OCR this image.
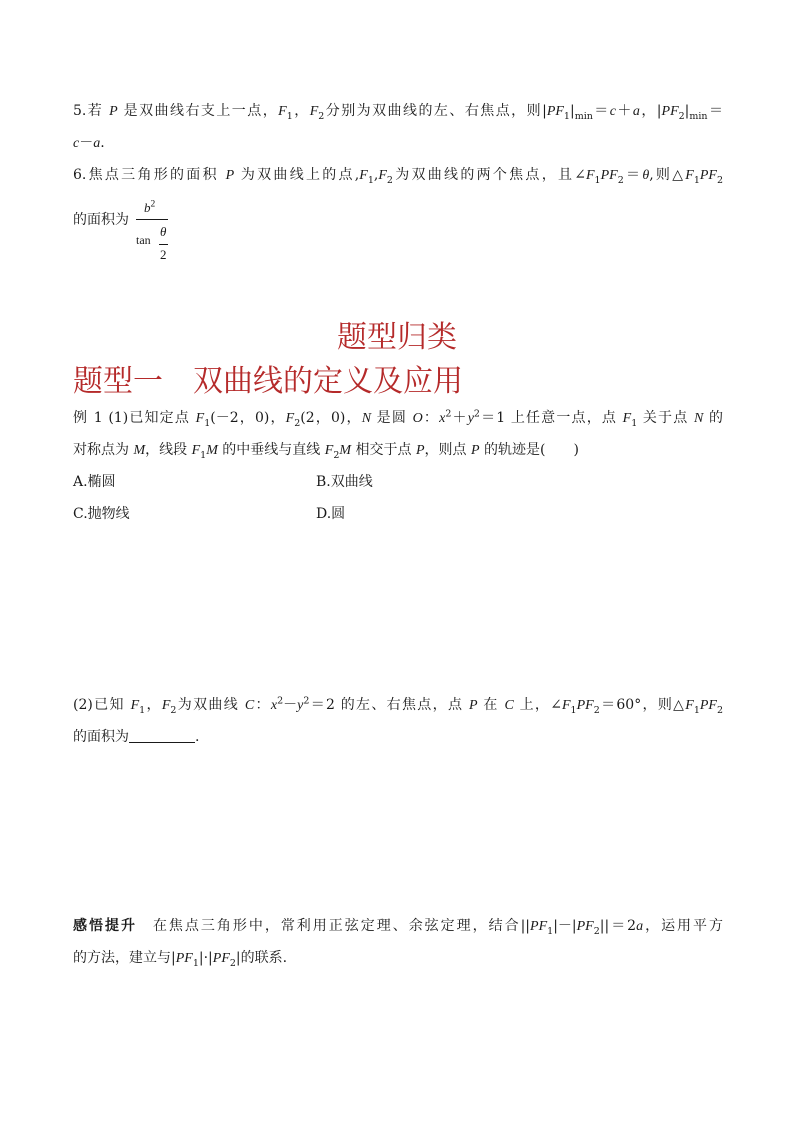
5.若 P 是双曲线右支上一点，$F_1$，$F_2$分别为双曲线的左、右焦点，则$|PF_1|_{min}=c+a$，$|PF_2|_{min}=$
c－a.
6.焦点三角形的面积 P 为双曲线上的点$,F_1,F_2$为双曲线的两个焦点，且$\angle F_1PF_2=\theta$,则$\triangle F_1PF_2$
的面积为
$b^2$
tan
θ
2
题型归类
题型一　双曲线的定义及应用
例 1 (1)已知定点 $F_1(-2$，0)，$F_2(2$，0)，N 是圆 O：$x^2+y^2=1$ 上任意一点，点 $F_1$ 关于点 N 的
对称点为 M，线段 $F_1M$ 的中垂线与直线 $F_2M$ 相交于点 P，则点 P 的轨迹是(　　)
A.椭圆	B.双曲线
C.抛物线	D.圆
(2)已知 $F_1$，$F_2$为双曲线 C：$x^2-y^2=2$ 的左、右焦点，点 P 在 C 上，$\angle F_1PF_2=60^\circ$，则$\triangle F_1PF_2$
的面积为	.
感悟提升　在焦点三角形中，常利用正弦定理、余弦定理，结合$||PF_1|-|PF_2||=2a$，运用平方
的方法，建立与$|PF_1|\cdot|PF_2|$的联系.
